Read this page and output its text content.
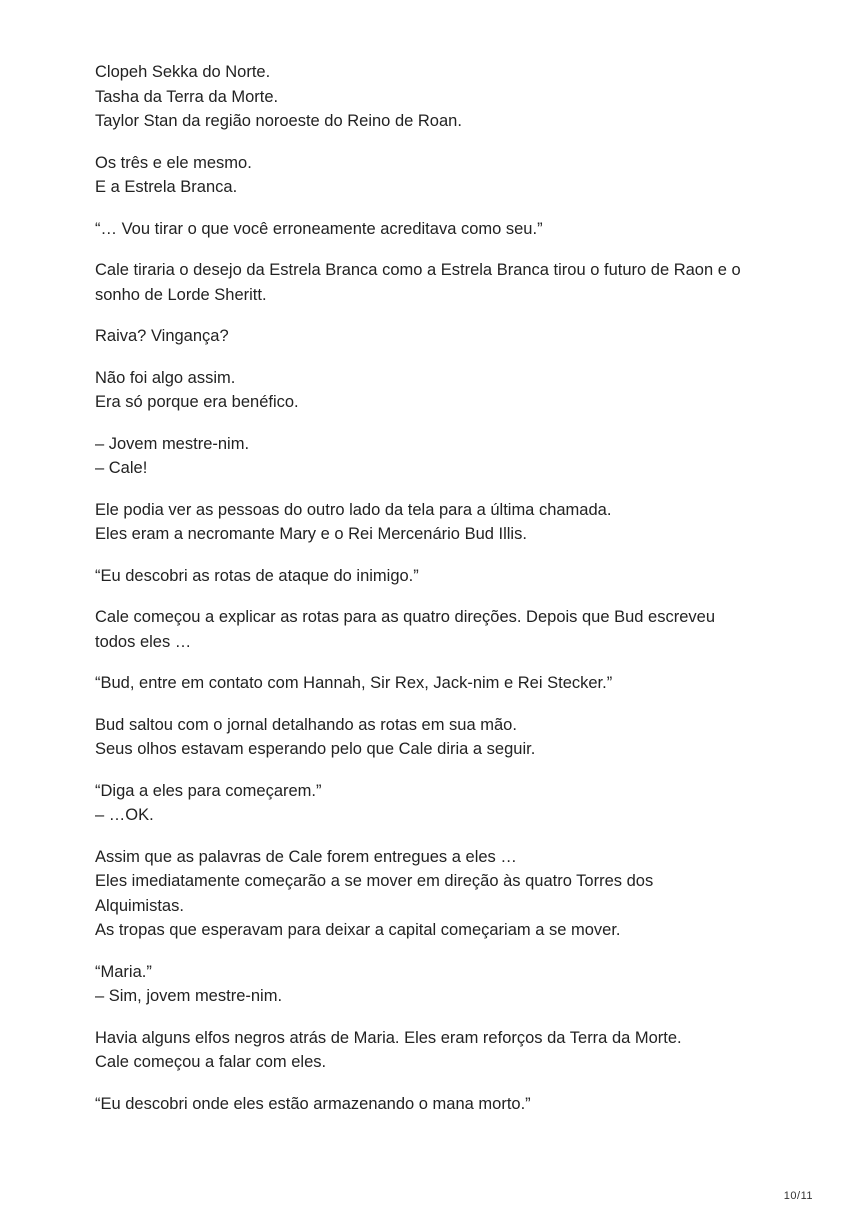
Clopeh Sekka do Norte.
Tasha da Terra da Morte.
Taylor Stan da região noroeste do Reino de Roan.
Os três e ele mesmo.
E a Estrela Branca.
“… Vou tirar o que você erroneamente acreditava como seu.”
Cale tiraria o desejo da Estrela Branca como a Estrela Branca tirou o futuro de Raon e o
sonho de Lorde Sheritt.
Raiva? Vingança?
Não foi algo assim.
Era só porque era benéfico.
– Jovem mestre-nim.
– Cale!
Ele podia ver as pessoas do outro lado da tela para a última chamada.
Eles eram a necromante Mary e o Rei Mercenário Bud Illis.
“Eu descobri as rotas de ataque do inimigo.”
Cale começou a explicar as rotas para as quatro direções. Depois que Bud escreveu
todos eles …
“Bud, entre em contato com Hannah, Sir Rex, Jack-nim e Rei Stecker.”
Bud saltou com o jornal detalhando as rotas em sua mão.
Seus olhos estavam esperando pelo que Cale diria a seguir.
“Diga a eles para começarem.”
– …OK.
Assim que as palavras de Cale forem entregues a eles …
Eles imediatamente começarão a se mover em direção às quatro Torres dos
Alquimistas.
As tropas que esperavam para deixar a capital começariam a se mover.
“Maria.”
– Sim, jovem mestre-nim.
Havia alguns elfos negros atrás de Maria. Eles eram reforços da Terra da Morte.
Cale começou a falar com eles.
“Eu descobri onde eles estão armazenando o mana morto.”
10/11
